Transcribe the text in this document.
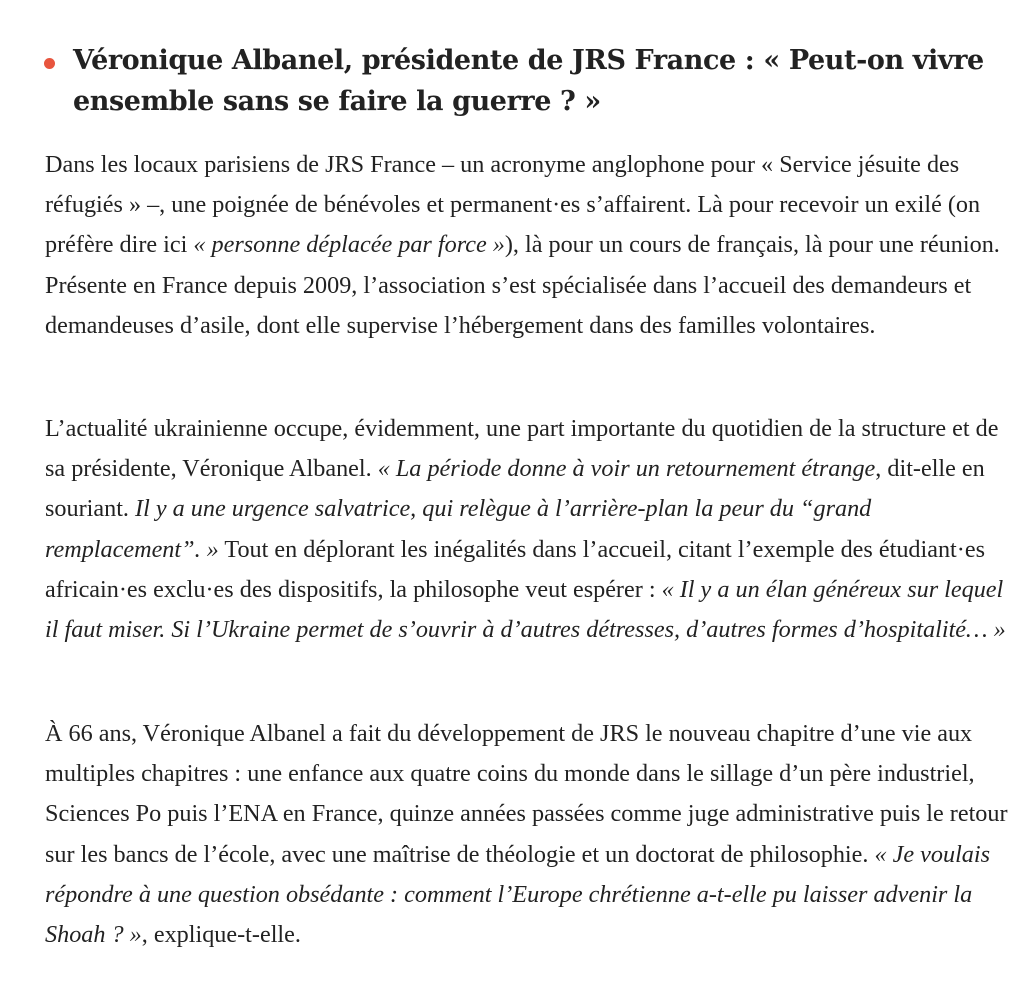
Véronique Albanel, présidente de JRS France : « Peut-on vivre ensemble sans se faire la guerre ? »

Dans les locaux parisiens de JRS France – un acronyme anglophone pour « Service jésuite des réfugiés » –, une poignée de bénévoles et permanent·es s’affairent. Là pour recevoir un exilé (on préfère dire ici « personne déplacée par force »), là pour un cours de français, là pour une réunion. Présente en France depuis 2009, l’association s’est spécialisée dans l’accueil des demandeurs et demandeuses d’asile, dont elle supervise l’hébergement dans des familles volontaires.

L’actualité ukrainienne occupe, évidemment, une part importante du quotidien de la structure et de sa présidente, Véronique Albanel. « La période donne à voir un retournement étrange, dit-elle en souriant. Il y a une urgence salvatrice, qui relègue à l’arrière-plan la peur du “grand remplacement”. » Tout en déplorant les inégalités dans l’accueil, citant l’exemple des étudiant·es africain·es exclu·es des dispositifs, la philosophe veut espérer : « Il y a un élan généreux sur lequel il faut miser. Si l’Ukraine permet de s’ouvrir à d’autres détresses, d’autres formes d’hospitalité… »

À 66 ans, Véronique Albanel a fait du développement de JRS le nouveau chapitre d’une vie aux multiples chapitres : une enfance aux quatre coins du monde dans le sillage d’un père industriel, Sciences Po puis l’ENA en France, quinze années passées comme juge administrative puis le retour sur les bancs de l’école, avec une maîtrise de théologie et un doctorat de philosophie. « Je voulais répondre à une question obsédante : comment l’Europe chrétienne a-t-elle pu laisser advenir la Shoah ? », explique-t-elle.
